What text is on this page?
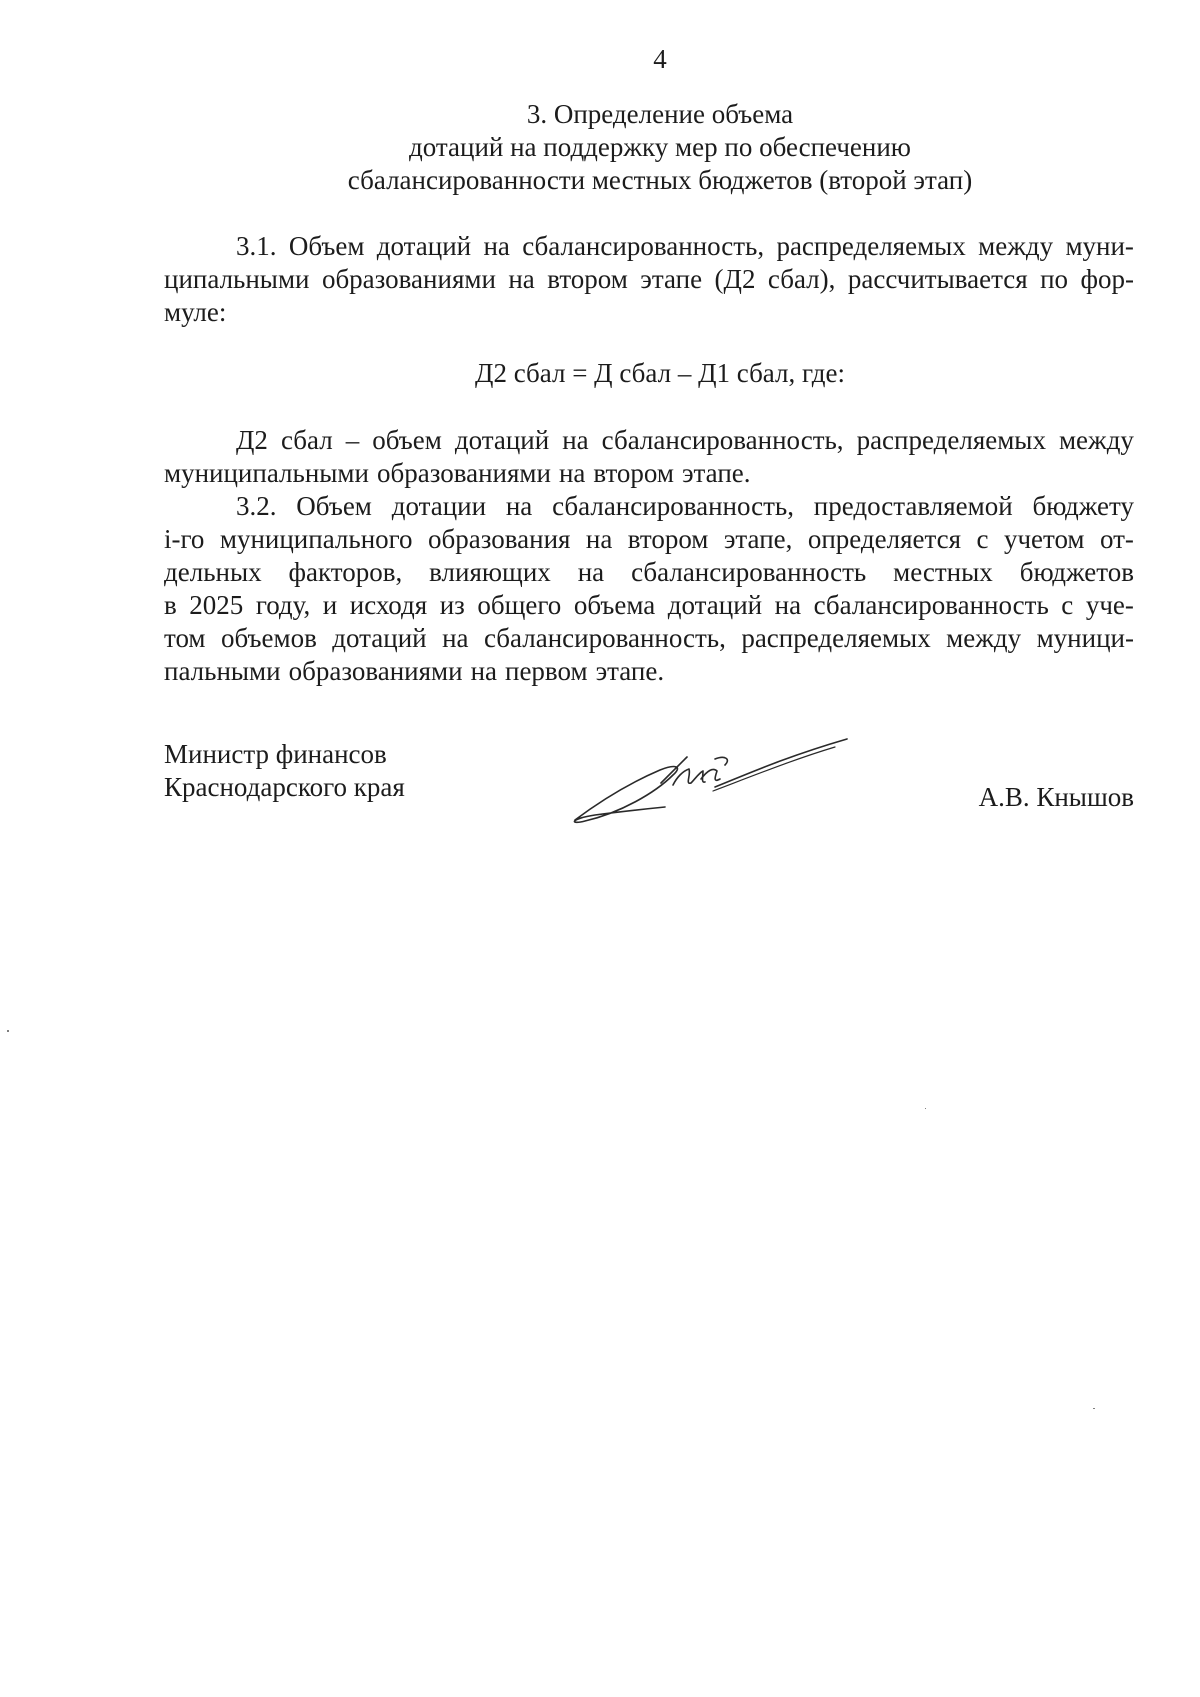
4
3. Определение объема
дотаций на поддержку мер по обеспечению
сбалансированности местных бюджетов (второй этап)
3.1. Объем дотаций на сбалансированность, распределяемых между муни-
ципальными образованиями на втором этапе (Д2 сбал), рассчитывается по фор-
муле:
Д2 сбал = Д сбал – Д1 сбал, где:
Д2 сбал – объем дотаций на сбалансированность, распределяемых между
муниципальными образованиями на втором этапе.
3.2. Объем дотации на сбалансированность, предоставляемой бюджету
i-го муниципального образования на втором этапе, определяется с учетом от-
дельных факторов, влияющих на сбалансированность местных бюджетов
в 2025 году, и исходя из общего объема дотаций на сбалансированность с уче-
том объемов дотаций на сбалансированность, распределяемых между муници-
пальными образованиями на первом этапе.
Министр финансов
Краснодарского края	А.В. Кнышов
